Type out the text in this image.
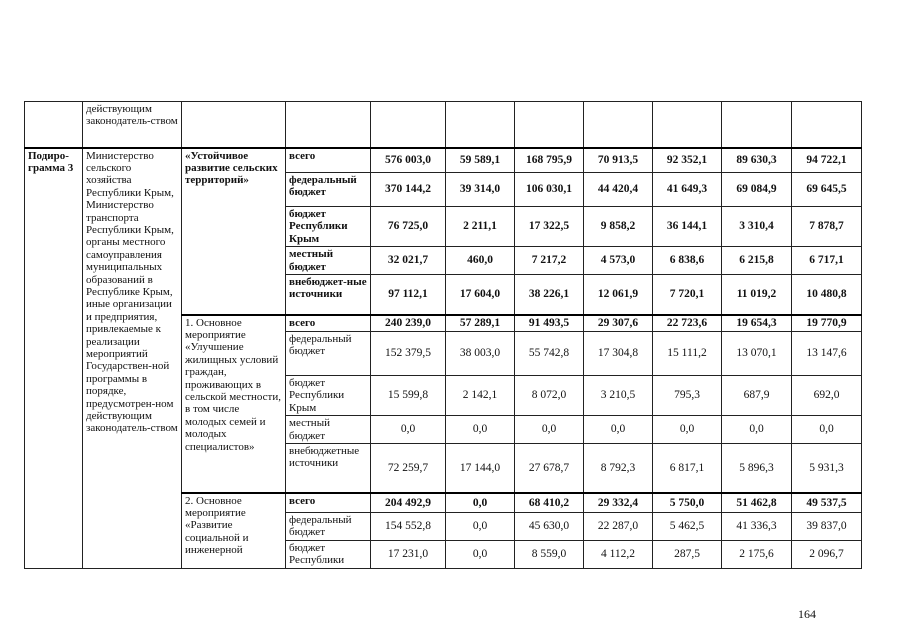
	действующим законодатель-ством									
Подиро-грамма 3	Министерство сельского хозяйства Республики Крым, Министерство транспорта Республики Крым, органы местного самоуправления муниципальных образований в Республике Крым, иные организации и предприятия, привлекаемые к реализации мероприятий Государствен-ной программы в порядке, предусмотрен-ном действующим законодатель-ством	«Устойчивое развитие сельских территорий»	всего	576 003,0	59 589,1	168 795,9	70 913,5	92 352,1	89 630,3	94 722,1
			федеральный бюджет	370 144,2	39 314,0	106 030,1	44 420,4	41 649,3	69 084,9	69 645,5
			бюджет Республики Крым	76 725,0	2 211,1	17 322,5	9 858,2	36 144,1	3 310,4	7 878,7
			местный бюджет	32 021,7	460,0	7 217,2	4 573,0	6 838,6	6 215,8	6 717,1
			внебюджет-ные источники	97 112,1	17 604,0	38 226,1	12 061,9	7 720,1	11 019,2	10 480,8
		1. Основное мероприятие «Улучшение жилищных условий граждан, проживающих в сельской местности, в том числе молодых семей и молодых специалистов»	всего	240 239,0	57 289,1	91 493,5	29 307,6	22 723,6	19 654,3	19 770,9
			федеральный бюджет	152 379,5	38 003,0	55 742,8	17 304,8	15 111,2	13 070,1	13 147,6
			бюджет Республики Крым	15 599,8	2 142,1	8 072,0	3 210,5	795,3	687,9	692,0
			местный бюджет	0,0	0,0	0,0	0,0	0,0	0,0	0,0
			внебюджетные источники	72 259,7	17 144,0	27 678,7	8 792,3	6 817,1	5 896,3	5 931,3
		2. Основное мероприятие «Развитие социальной и инженерной	всего	204 492,9	0,0	68 410,2	29 332,4	5 750,0	51 462,8	49 537,5
			федеральный бюджет	154 552,8	0,0	45 630,0	22 287,0	5 462,5	41 336,3	39 837,0
			бюджет Республики	17 231,0	0,0	8 559,0	4 112,2	287,5	2 175,6	2 096,7
164
